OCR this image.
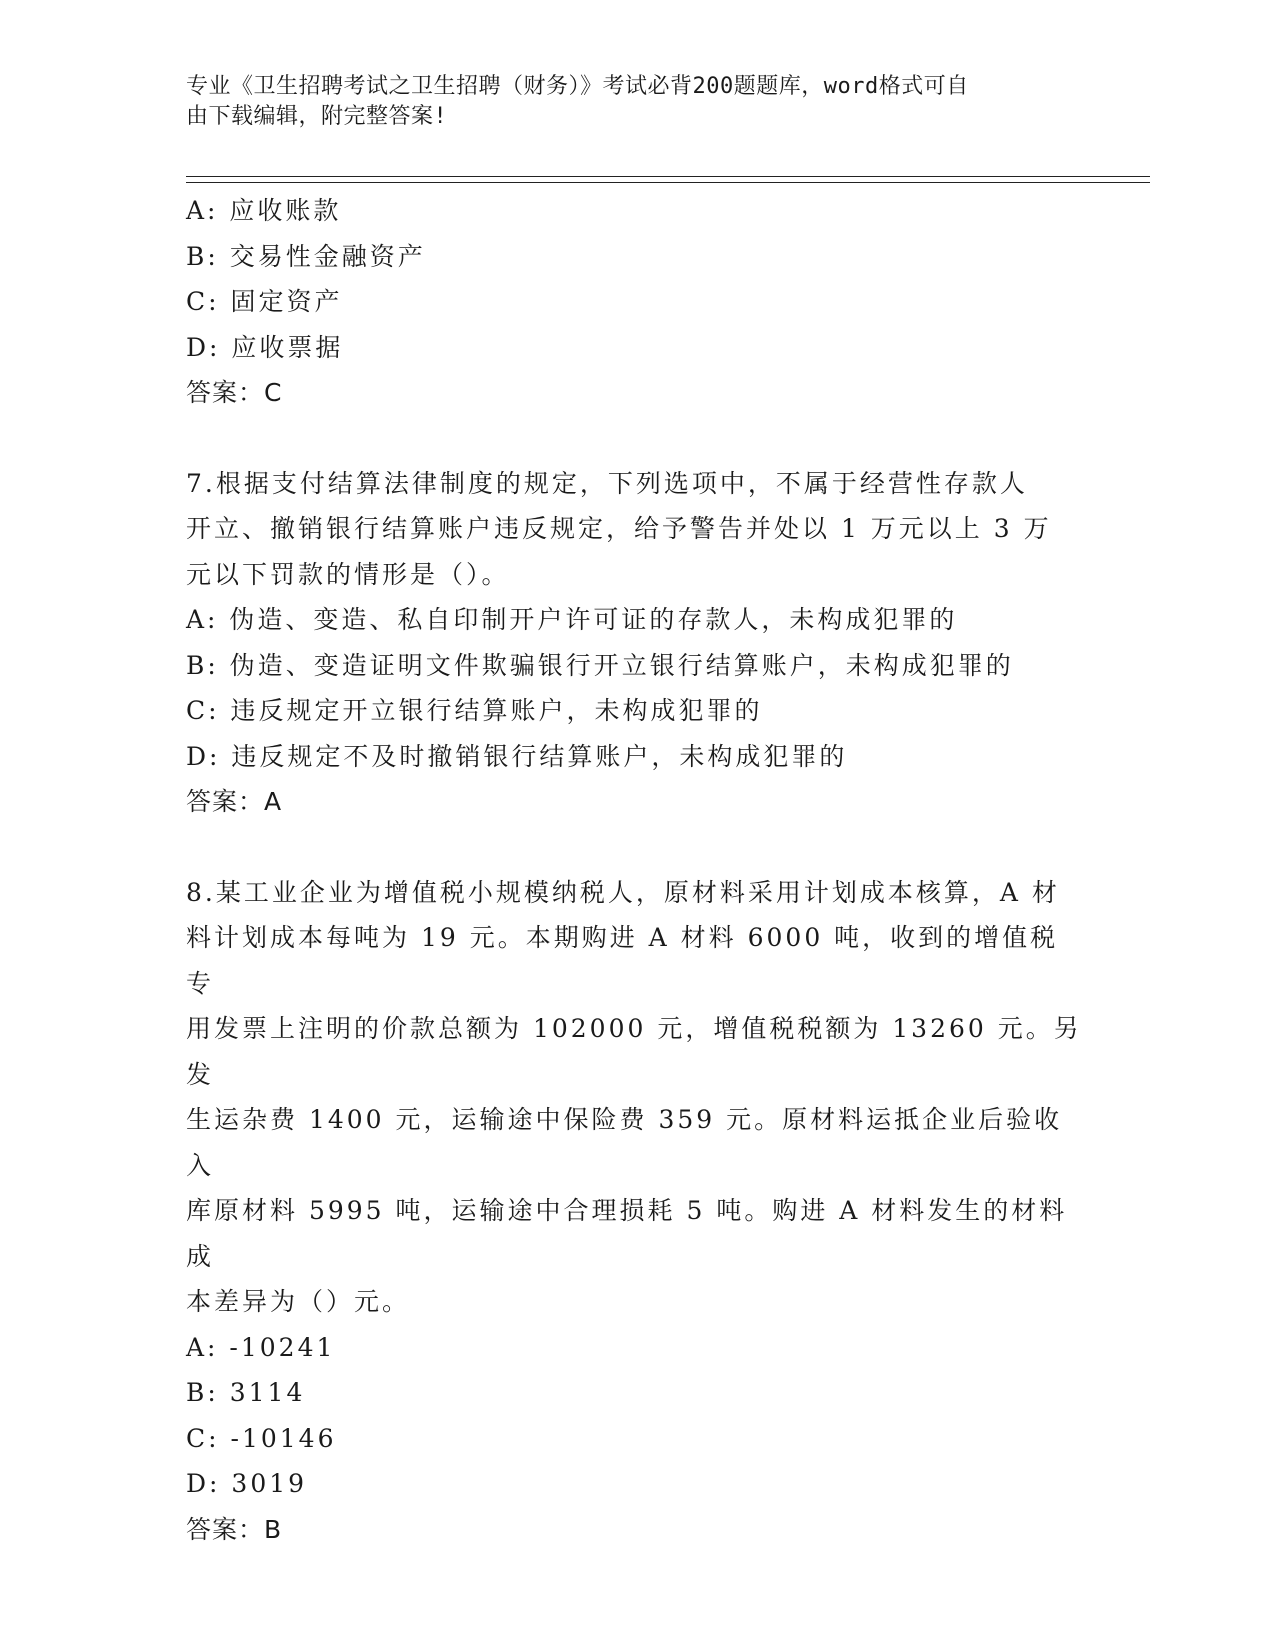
专业《卫生招聘考试之卫生招聘（财务）》考试必背200题题库，word格式可自
由下载编辑，附完整答案!
A: 应收账款
B: 交易性金融资产
C: 固定资产
D: 应收票据
答案：C
7.根据支付结算法律制度的规定，下列选项中，不属于经营性存款人
开立、撤销银行结算账户违反规定，给予警告并处以 1 万元以上 3 万
元以下罚款的情形是（）。
A: 伪造、变造、私自印制开户许可证的存款人，未构成犯罪的
B: 伪造、变造证明文件欺骗银行开立银行结算账户，未构成犯罪的
C: 违反规定开立银行结算账户，未构成犯罪的
D: 违反规定不及时撤销银行结算账户，未构成犯罪的
答案：A
8.某工业企业为增值税小规模纳税人，原材料采用计划成本核算，A 材
料计划成本每吨为 19 元。本期购进 A 材料 6000 吨，收到的增值税专
用发票上注明的价款总额为 102000 元，增值税税额为 13260 元。另发
生运杂费 1400 元，运输途中保险费 359 元。原材料运抵企业后验收入
库原材料 5995 吨，运输途中合理损耗 5 吨。购进 A 材料发生的材料成
本差异为（）元。
A: -10241
B: 3114
C: -10146
D: 3019
答案：B
